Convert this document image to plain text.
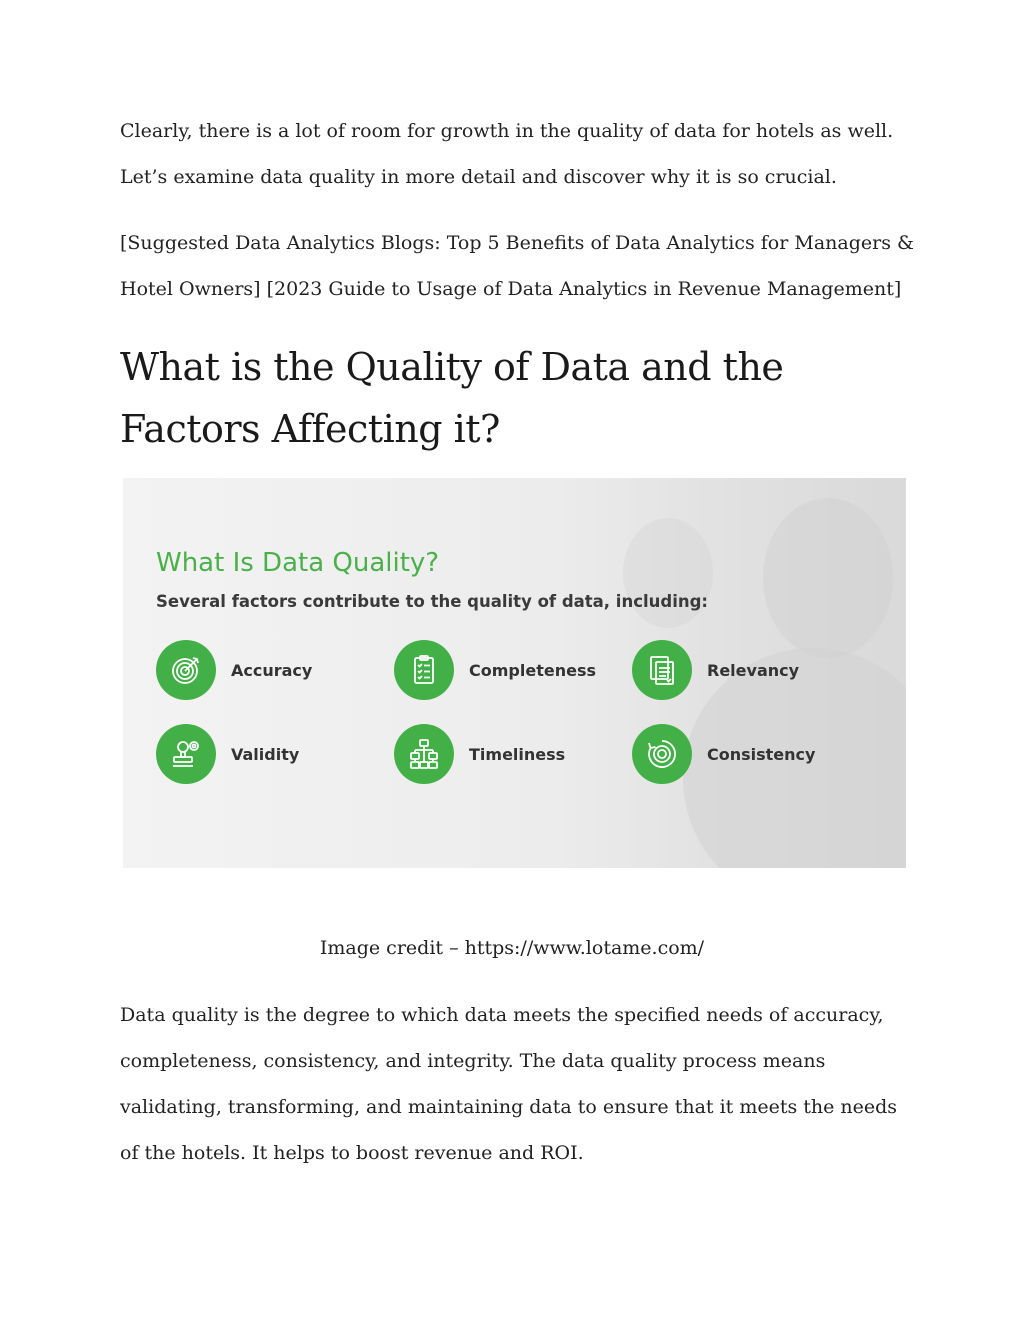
Clearly, there is a lot of room for growth in the quality of data for hotels as well. Let’s examine data quality in more detail and discover why it is so crucial.

[Suggested Data Analytics Blogs: Top 5 Benefits of Data Analytics for Managers & Hotel Owners] [2023 Guide to Usage of Data Analytics in Revenue Management]

What is the Quality of Data and the Factors Affecting it?
What Is Data Quality?

Several factors contribute to the quality of data, including:

Accuracy	Completeness	Relevancy
Validity	Timeliness	Consistency

Image credit – https://www.lotame.com/

Data quality is the degree to which data meets the specified needs of accuracy, completeness, consistency, and integrity. The data quality process means validating, transforming, and maintaining data to ensure that it meets the needs of the hotels. It helps to boost revenue and ROI.
